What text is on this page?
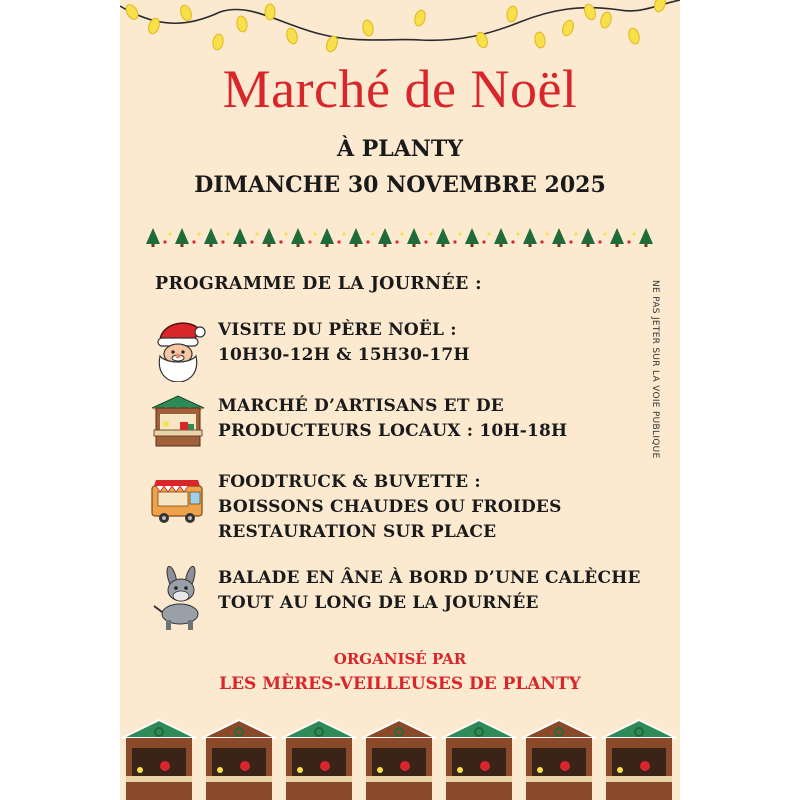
Marché de Noël
À PLANTY
DIMANCHE 30 NOVEMBRE 2025
PROGRAMME DE LA JOURNÉE :	NE PAS JETER SUR LA VOIE PUBLIQUE
VISITE DU PÈRE NOËL :
10H30-12H & 15H30-17H
MARCHÉ D’ARTISANS ET DE
PRODUCTEURS LOCAUX : 10H-18H
FOODTRUCK & BUVETTE :
BOISSONS CHAUDES OU FROIDES
RESTAURATION SUR PLACE
BALADE EN ÂNE À BORD D’UNE CALÈCHE
TOUT AU LONG DE LA JOURNÉE
ORGANISÉ PAR
LES MÈRES-VEILLEUSES DE PLANTY
